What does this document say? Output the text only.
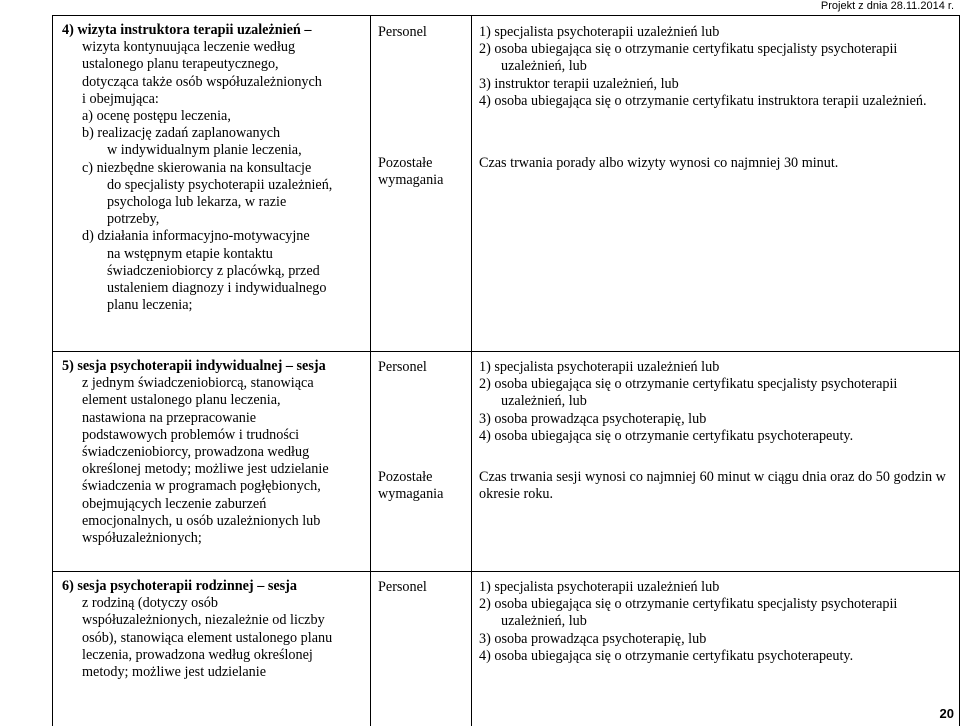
Projekt z dnia 28.11.2014 r.

4) wizyta instruktora terapii uzależnień –

wizyta kontynuująca leczenie według

ustalonego planu terapeutycznego,

dotycząca także osób współuzależnionych

i obejmująca:

a) ocenę postępu leczenia,

b) realizację zadań zaplanowanych

w indywidualnym planie leczenia,

c) niezbędne skierowania na konsultacje

do specjalisty psychoterapii uzależnień,

psychologa lub lekarza, w razie

potrzeby,

d) działania informacyjno-motywacyjne

na wstępnym etapie kontaktu

świadczeniobiorcy z placówką, przed

ustaleniem diagnozy i indywidualnego

planu leczenia;

Personel

Pozostałe

wymagania

1) specjalista psychoterapii uzależnień lub

2) osoba ubiegająca się o otrzymanie certyfikatu specjalisty psychoterapii uzależnień, lub

3) instruktor terapii uzależnień, lub

4) osoba ubiegająca się o otrzymanie certyfikatu instruktora terapii uzależnień.

Czas trwania porady albo wizyty wynosi co najmniej 30 minut.

5) sesja psychoterapii indywidualnej – sesja

z jednym świadczeniobiorcą, stanowiąca

element ustalonego planu leczenia,

nastawiona na przepracowanie

podstawowych problemów i trudności

świadczeniobiorcy, prowadzona według

określonej metody; możliwe jest udzielanie

świadczenia w programach pogłębionych,

obejmujących leczenie zaburzeń

emocjonalnych, u osób uzależnionych lub

współuzależnionych;

Personel

Pozostałe

wymagania

1) specjalista psychoterapii uzależnień lub

2) osoba ubiegająca się o otrzymanie certyfikatu specjalisty psychoterapii uzależnień, lub

3) osoba prowadząca psychoterapię, lub

4) osoba ubiegająca się o otrzymanie certyfikatu psychoterapeuty.

Czas trwania sesji wynosi co najmniej 60 minut w ciągu dnia oraz do 50 godzin w okresie roku.

6) sesja psychoterapii rodzinnej – sesja

z rodziną (dotyczy osób

współuzależnionych, niezależnie od liczby

osób), stanowiąca element ustalonego planu

leczenia, prowadzona według określonej

metody; możliwe jest udzielanie

Personel	1) specjalista psychoterapii uzależnień lub

2) osoba ubiegająca się o otrzymanie certyfikatu specjalisty psychoterapii uzależnień, lub

3) osoba prowadząca psychoterapię, lub

4) osoba ubiegająca się o otrzymanie certyfikatu psychoterapeuty.

20
